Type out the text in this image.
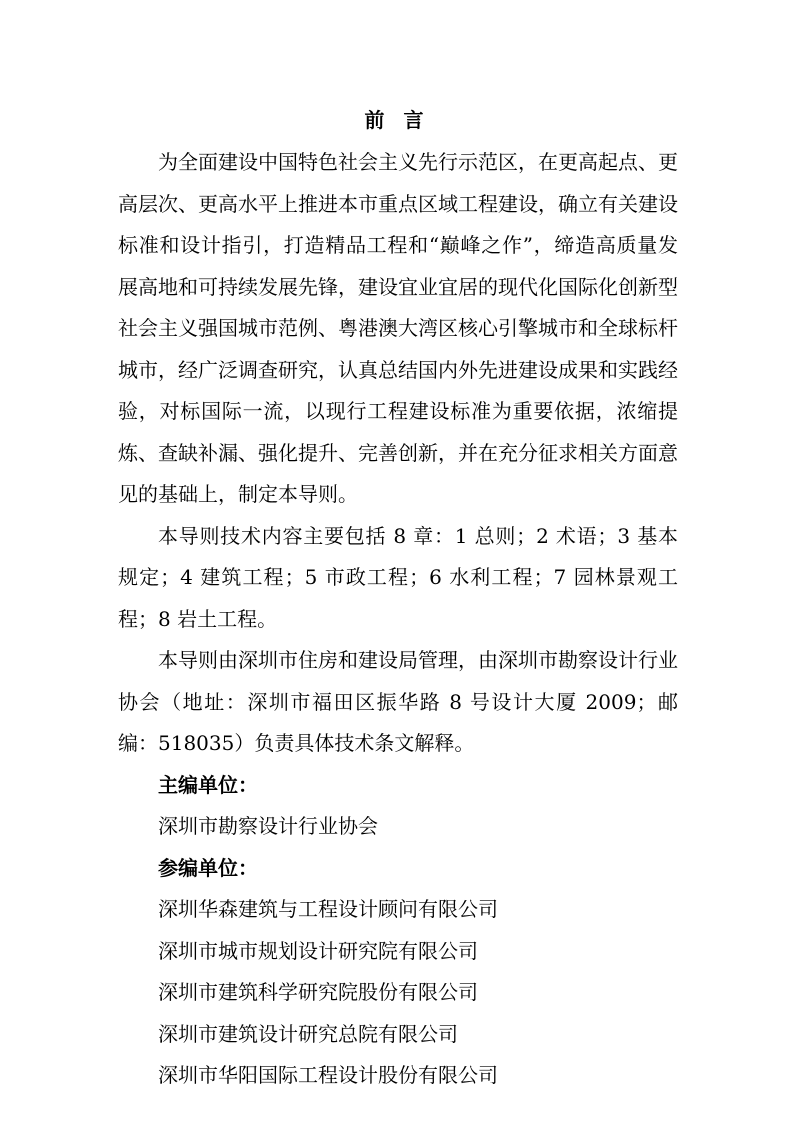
前 言

为全面建设中国特色社会主义先行示范区，在更高起点、更高层次、更高水平上推进本市重点区域工程建设，确立有关建设标准和设计指引，打造精品工程和“巅峰之作”，缔造高质量发展高地和可持续发展先锋，建设宜业宜居的现代化国际化创新型社会主义强国城市范例、粤港澳大湾区核心引擎城市和全球标杆城市，经广泛调查研究，认真总结国内外先进建设成果和实践经验，对标国际一流，以现行工程建设标准为重要依据，浓缩提炼、查缺补漏、强化提升、完善创新，并在充分征求相关方面意见的基础上，制定本导则。

本导则技术内容主要包括 8 章：1 总则；2 术语；3 基本规定；4 建筑工程；5 市政工程；6 水利工程；7 园林景观工程；8 岩土工程。

本导则由深圳市住房和建设局管理，由深圳市勘察设计行业协会（地址：深圳市福田区振华路 8 号设计大厦 2009；邮编：518035）负责具体技术条文解释。

主编单位：

深圳市勘察设计行业协会

参编单位：

深圳华森建筑与工程设计顾问有限公司

深圳市城市规划设计研究院有限公司

深圳市建筑科学研究院股份有限公司

深圳市建筑设计研究总院有限公司

深圳市华阳国际工程设计股份有限公司
